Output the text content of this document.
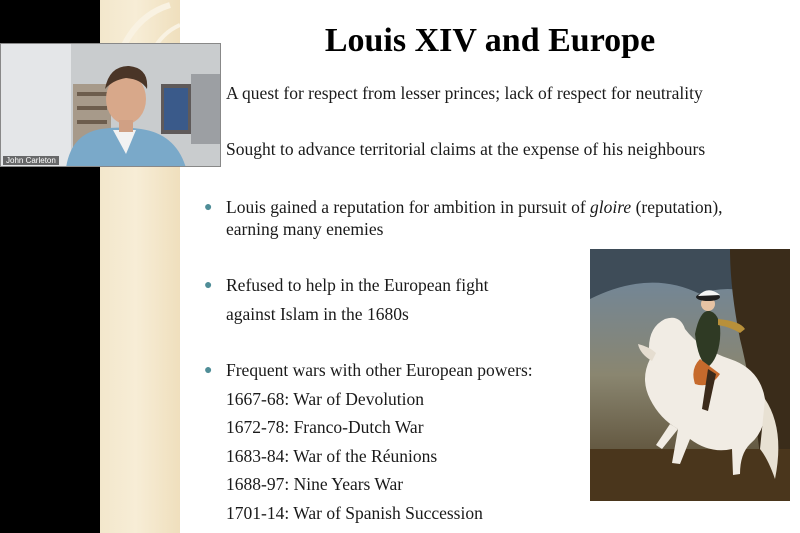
Louis XIV and Europe
A quest for respect from lesser princes; lack of respect for neutrality
Sought to advance territorial claims at the expense of his neighbours
● Louis gained a reputation for ambition in pursuit of gloire (reputation),
earning many enemies
● Refused to help in the European fight
against Islam in the 1680s
● Frequent wars with other European powers:
1667-68: War of Devolution
1672-78: Franco-Dutch War
1683-84: War of the Réunions
1688-97: Nine Years War
1701-14: War of Spanish Succession
John Carleton
